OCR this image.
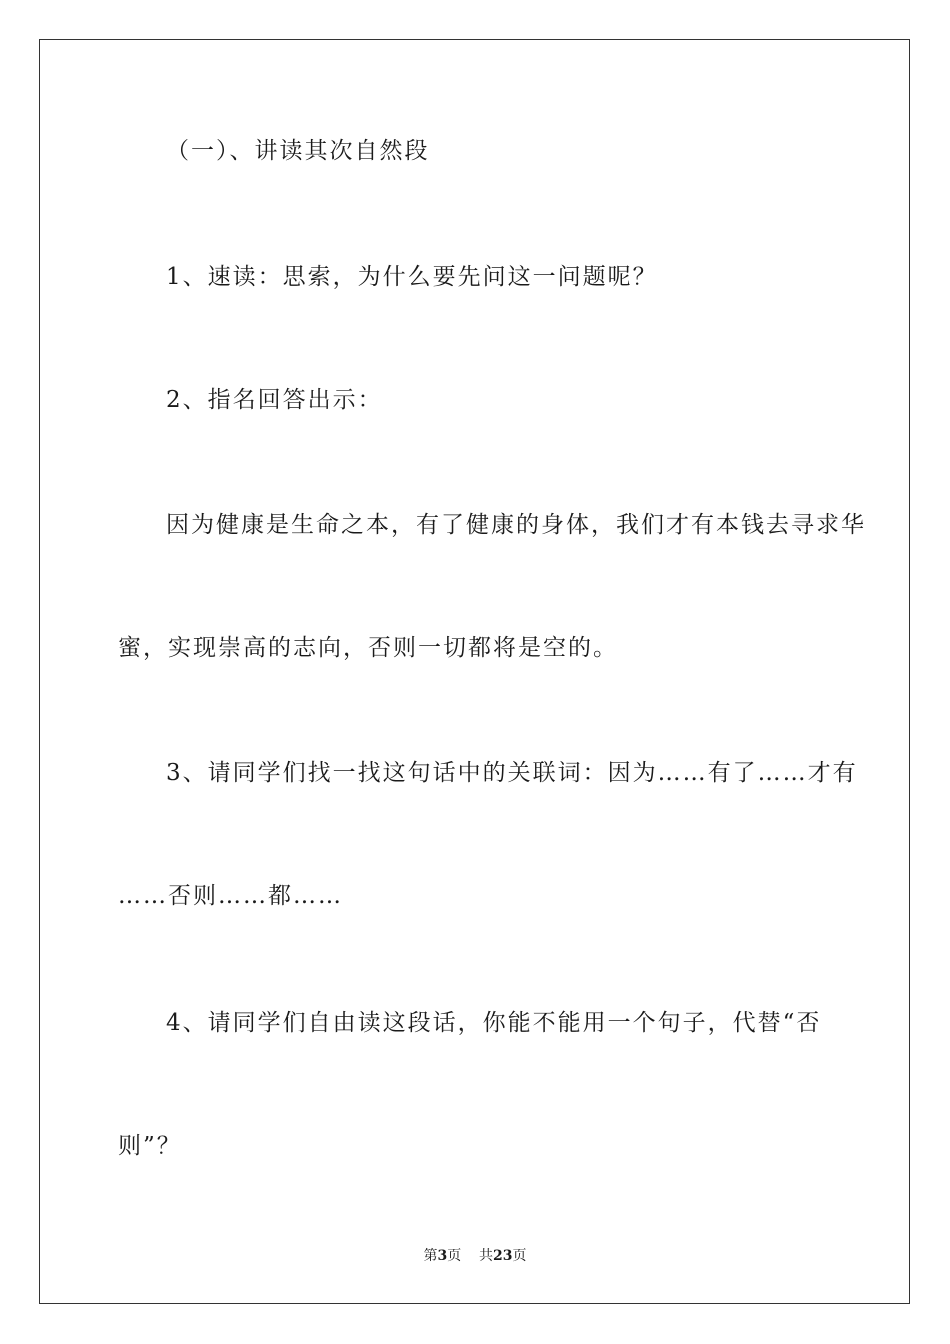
（一）、讲读其次自然段
1、速读：思索，为什么要先问这一问题呢？
2、指名回答出示：
因为健康是生命之本，有了健康的身体，我们才有本钱去寻求华
蜜，实现崇高的志向，否则一切都将是空的。
3、请同学们找一找这句话中的关联词：因为……有了……才有
……否则……都……
4、请同学们自由读这段话，你能不能用一个句子，代替“否
则”？
第3页 共23页
